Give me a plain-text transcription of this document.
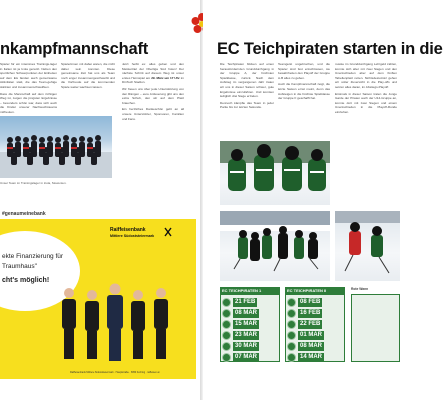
nkampfmannschaft

Spieler für ein intensives Trainings-lager in Italien ist ja Icola genutzt. Neben den sportlichen Schwerpunkten der Einheiten auf dem Eis fanden auch gemeinsame Aktivitäten statt, die das Team-gefüge stärkten und zusammenschweißten.

Dass die Mannschaft auf dem richtigen Weg ist, zeigen die jüngsten Ergebnisse – besonders schön war, dass sich auch die Kinder unserer Nachwuchsteams mitfreuten.

Spielerinnen mit dabei waren, die nicht dabei sein konnten. Diese gemeinsame Zeit hat uns als Team noch enger zusammengeschweißt und die Vorfreude auf die kommenden Spiele weiter wachsen lassen.

Jetzt heißt es: alles geben und den Meistertitel der Oberliga Süd holen! Der nächste Schritt auf diesem Weg ist unser erstes Heimspiel am 29. März um 17 Uhr im DinTech Stadion.

Wir freuen uns über jede Unterstützung von den Rängen – eure Anfeuerung gibt uns den extra Schub, den wir auf dem Platz brauchen.

Ein herzliches Dankeschön geht an all unsere Unterstützer, Sponsoren, Familien und Fans.

Unser Team im Trainingslager in Icola, Slowenien.
#genaumeinebank
ekte Finanzierung für
Traumhaus"
cht's möglich!
Raiffeisenbank
Mittlere Südoststeiermark
Raiffeisenbank Mittlere Südoststeiermark · Hauptstraße · 8350 Fehring · raiffeisen.at
EC Teichpiraten starten in die

Die Teichpiraten blicken auf einen herausfordernden Grunddurchgang in der Gruppe A, der höchsten Spielklasse, zurück. Nach dem Aufstieg im vergangenen Jahr traten wir uns in dieser Saison schwer, gute Ergebnisse einzufahren. Und konnten lediglich drei Siege erzielen.

Dennoch kämpfte das Team in jeder Partie bis zur letzten Sekunde.

Teamgeist ungebrochen, und die Spieler sind fest entschlossen, sie bewahrheiten den Playoff der Gruppe A-B alles zu geben.

Auch die Kampfmannschaft zeigt, die letzte Saison ernst meint, denn das Aufsteigen in die höchste Spielklasse der Gruppe F geschafft hat.

nusste im Grunddurchgang Lehrgeld zahlen, konnte sich aber mit zwei Siegen und den Unentschieden aber auf dem fünften Tabellenplatz retten. Nichtsdestotrotz gehen wir voller Zuversicht in die Play-offs und setzen alles daran, im Abstiegs-Playoff.

Erstmals in dieser Saison traten die Junge Garde der Piraten auch der U14-Gruppe an, konnte dort mit zwei Siegen und einem Unentschieden in die Playoff-Runde einziehen.

EC TEICHPIRATEN 1
21 FEB
08 MAR
15 MAR
23 MAR
30 MAR
07 MAR
EC TEICHPIRATEN II
08 FEB
16 FEB
22 FEB
01 MAR
08 MAR
14 MAR
Rote Wann
